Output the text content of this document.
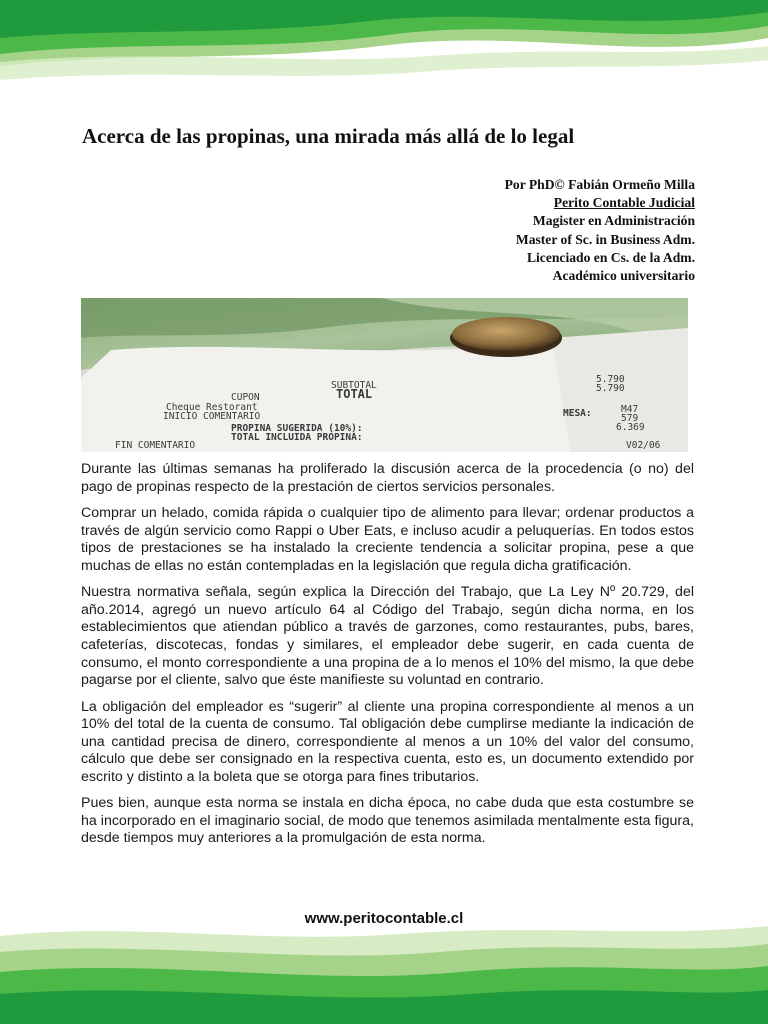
Acerca de las propinas, una mirada más allá de lo legal
Por PhD© Fabián Ormeño Milla
Perito Contable Judicial
Magister en Administración
Master of Sc. in Business Adm.
Licenciado en Cs. de la Adm.
Académico universitario
SUBTOTAL
TOTAL
CUPON
Cheque Restorant
INICIO COMENTARIO
PROPINA SUGERIDA (10%):
TOTAL INCLUIDA PROPINA:
FIN COMENTARIO
MESA:	M47
5.790
5.790
579
6.369
V02/06

Durante las últimas semanas ha proliferado la discusión acerca de la procedencia (o no) del pago de propinas respecto de la prestación de ciertos servicios personales.

Comprar un helado, comida rápida o cualquier tipo de alimento para llevar; ordenar productos a través de algún servicio como Rappi o Uber Eats, e incluso acudir a peluquerías. En todos estos tipos de prestaciones se ha instalado la creciente tendencia a solicitar propina, pese a que muchas de ellas no están contempladas en la legislación que regula dicha gratificación.

Nuestra normativa señala, según explica la Dirección del Trabajo, que La Ley Nº 20.729, del año.2014, agregó un nuevo artículo 64 al Código del Trabajo, según dicha norma, en los establecimientos que atiendan público a través de garzones, como restaurantes, pubs, bares, cafeterías, discotecas, fondas y similares, el empleador debe sugerir, en cada cuenta de consumo, el monto correspondiente a una propina de a lo menos el 10% del mismo, la que debe pagarse por el cliente, salvo que éste manifieste su voluntad en contrario.

La obligación del empleador es “sugerir” al cliente una propina correspondiente al menos a un 10% del total de la cuenta de consumo. Tal obligación debe cumplirse mediante la indicación de una cantidad precisa de dinero, correspondiente al menos a un 10% del valor del consumo, cálculo que debe ser consignado en la respectiva cuenta, esto es, un documento extendido por escrito y distinto a la boleta que se otorga para fines tributarios.

Pues bien, aunque esta norma se instala en dicha época, no cabe duda que esta costumbre se ha incorporado en el imaginario social, de modo que tenemos asimilada mentalmente esta figura, desde tiempos muy anteriores a la promulgación de esta norma.

www.peritocontable.cl
